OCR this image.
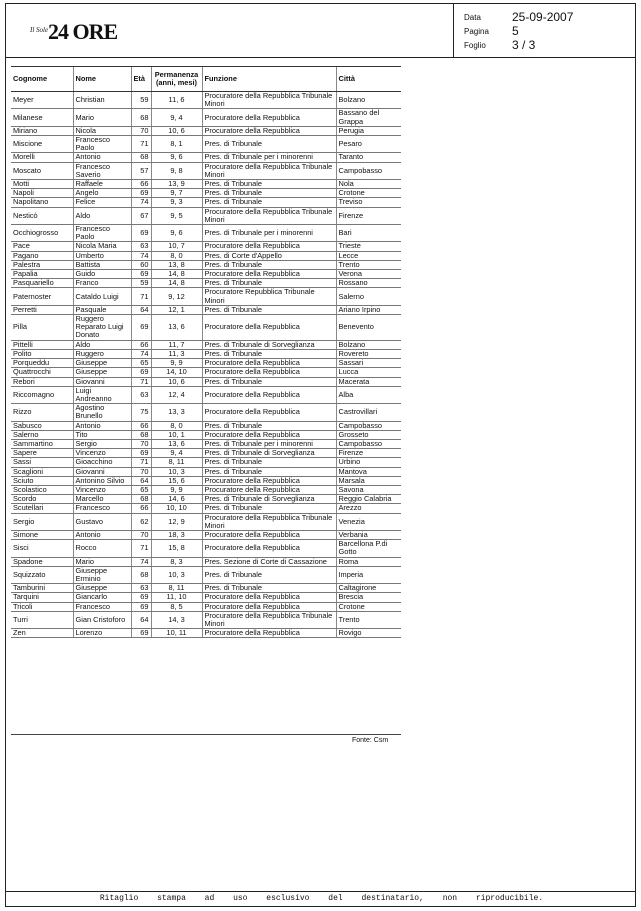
Il Sole 24 ORE
Data	25-09-2007
Pagina 5
Foglio 3 / 3
Cognome	Nome	Età	Permanenza (anni, mesi)	Funzione	Città
Meyer	Christian	59	11, 6	Procuratore della Repubblica Tribunale Minori	Bolzano
Milanese	Mario	68	9, 4	Procuratore della Repubblica	Bassano del Grappa
Miriano	Nicola	70	10, 6	Procuratore della Repubblica	Perugia
Miscione	Francesco Paolo	71	8, 1	Pres. di Tribunale	Pesaro
Morelli	Antonio	68	9, 6	Pres. di Tribunale per i minorenni	Taranto
Moscato	Francesco Saverio	57	9, 8	Procuratore della Repubblica Tribunale Minori	Campobasso
Motti	Raffaele	66	13, 9	Pres. di Tribunale	Nola
Napoli	Angelo	69	9, 7	Pres. di Tribunale	Crotone
Napolitano	Felice	74	9, 3	Pres. di Tribunale	Treviso
Nesticò	Aldo	67	9, 5	Procuratore della Repubblica Tribunale Minori	Firenze
Occhiogrosso	Francesco Paolo	69	9, 6	Pres. di Tribunale per i minorenni	Bari
Pace	Nicola Maria	63	10, 7	Procuratore della Repubblica	Trieste
Pagano	Umberto	74	8, 0	Pres. di Corte d'Appello	Lecce
Palestra	Battista	60	13, 8	Pres. di Tribunale	Trento
Papalia	Guido	69	14, 8	Procuratore della Repubblica	Verona
Pasquariello	Franco	59	14, 8	Pres. di Tribunale	Rossano
Paternoster	Cataldo Luigi	71	9, 12	Procuratore Repubblica Tribunale Minori	Salerno
Perretti	Pasquale	64	12, 1	Pres. di Tribunale	Ariano Irpino
Pilla	Ruggero Reparato Luigi Donato	69	13, 6	Procuratore della Repubblica	Benevento
Pittelli	Aldo	66	11, 7	Pres. di Tribunale di Sorveglianza	Bolzano
Polito	Ruggero	74	11, 3	Pres. di Tribunale	Rovereto
Porqueddu	Giuseppe	65	9, 9	Procuratore della Repubblica	Sassari
Quattrocchi	Giuseppe	69	14, 10	Procuratore della Repubblica	Lucca
Rebori	Giovanni	71	10, 6	Pres. di Tribunale	Macerata
Riccomagno	Luigi Andreanno	63	12, 4	Procuratore della Repubblica	Alba
Rizzo	Agostino Brunello	75	13, 3	Procuratore della Repubblica	Castrovillari
Sabusco	Antonio	66	8, 0	Pres. di Tribunale	Campobasso
Salerno	Tito	68	10, 1	Procuratore della Repubblica	Grosseto
Sammartino	Sergio	70	13, 6	Pres. di Tribunale per i minorenni	Campobasso
Sapere	Vincenzo	69	9, 4	Pres. di Tribunale di Sorveglianza	Firenze
Sassi	Gioacchino	71	8, 11	Pres. di Tribunale	Urbino
Scaglioni	Giovanni	70	10, 3	Pres. di Tribunale	Mantova
Sciuto	Antonino Silvio	64	15, 6	Procuratore della Repubblica	Marsala
Scolastico	Vincenzo	65	9, 9	Procuratore della Repubblica	Savona
Scordo	Marcello	68	14, 6	Pres. di Tribunale di Sorveglianza	Reggio Calabria
Scutellari	Francesco	66	10, 10	Pres. di Tribunale	Arezzo
Sergio	Gustavo	62	12, 9	Procuratore della Repubblica Tribunale Minori	Venezia
Simone	Antonio	70	18, 3	Procuratore della Repubblica	Verbania
Sisci	Rocco	71	15, 8	Procuratore della Repubblica	Barcellona P.di Gotto
Spadone	Mario	74	8, 3	Pres. Sezione di Corte di Cassazione	Roma
Squizzato	Giuseppe Erminio	68	10, 3	Pres. di Tribunale	Imperia
Tamburini	Giuseppe	63	8, 11	Pres. di Tribunale	Caltagirone
Tarquini	Giancarlo	69	11, 10	Procuratore della Repubblica	Brescia
Tricoli	Francesco	69	8, 5	Procuratore della Repubblica	Crotone
Turri	Gian Cristoforo	64	14, 3	Procuratore della Repubblica Tribunale Minori	Trento
Zen	Lorenzo	69	10, 11	Procuratore della Repubblica	Rovigo
Fonte: Csm
Ritaglio stampa ad uso esclusivo del destinatario, non riproducibile.
